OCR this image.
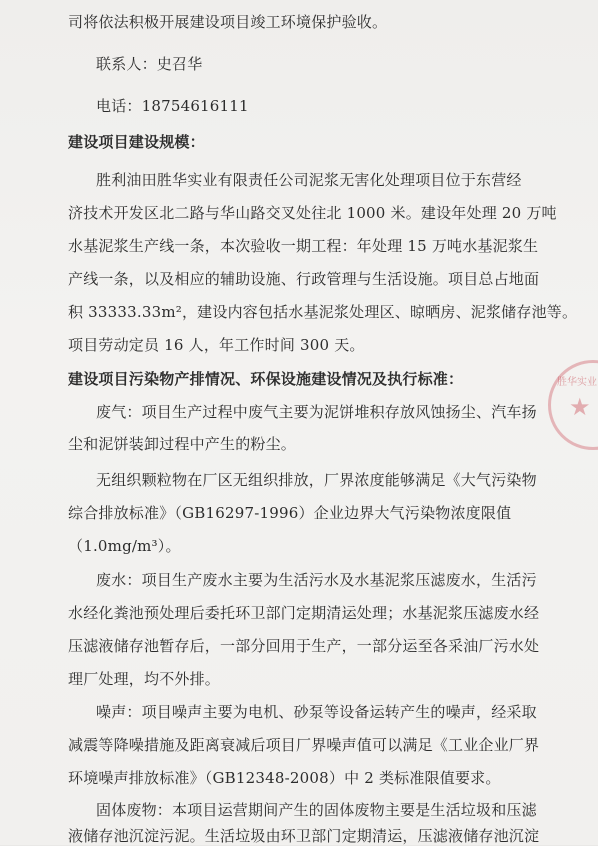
司将依法积极开展建设项目竣工环境保护验收。
联系人：史召华
电话：18754616111
建设项目建设规模：
胜利油田胜华实业有限责任公司泥浆无害化处理项目位于东营经
济技术开发区北二路与华山路交叉处往北 1000 米。建设年处理 20 万吨
水基泥浆生产线一条，本次验收一期工程：年处理 15 万吨水基泥浆生
产线一条，以及相应的辅助设施、行政管理与生活设施。项目总占地面
积 33333.33m²，建设内容包括水基泥浆处理区、晾晒房、泥浆储存池等。
项目劳动定员 16 人，年工作时间 300 天。
建设项目污染物产排情况、环保设施建设情况及执行标准：
废气：项目生产过程中废气主要为泥饼堆积存放风蚀扬尘、汽车扬
尘和泥饼装卸过程中产生的粉尘。
无组织颗粒物在厂区无组织排放，厂界浓度能够满足《大气污染物
综合排放标准》（GB16297-1996）企业边界大气污染物浓度限值
（1.0mg/m³）。
废水：项目生产废水主要为生活污水及水基泥浆压滤废水，生活污
水经化粪池预处理后委托环卫部门定期清运处理；水基泥浆压滤废水经
压滤液储存池暂存后，一部分回用于生产，一部分运至各采油厂污水处
理厂处理，均不外排。
噪声：项目噪声主要为电机、砂泵等设备运转产生的噪声，经采取
减震等降噪措施及距离衰减后项目厂界噪声值可以满足《工业企业厂界
环境噪声排放标准》（GB12348-2008）中 2 类标准限值要求。
固体废物：本项目运营期间产生的固体废物主要是生活垃圾和压滤
液储存池沉淀污泥。生活垃圾由环卫部门定期清运，压滤液储存池沉淀
胜华实业
★
